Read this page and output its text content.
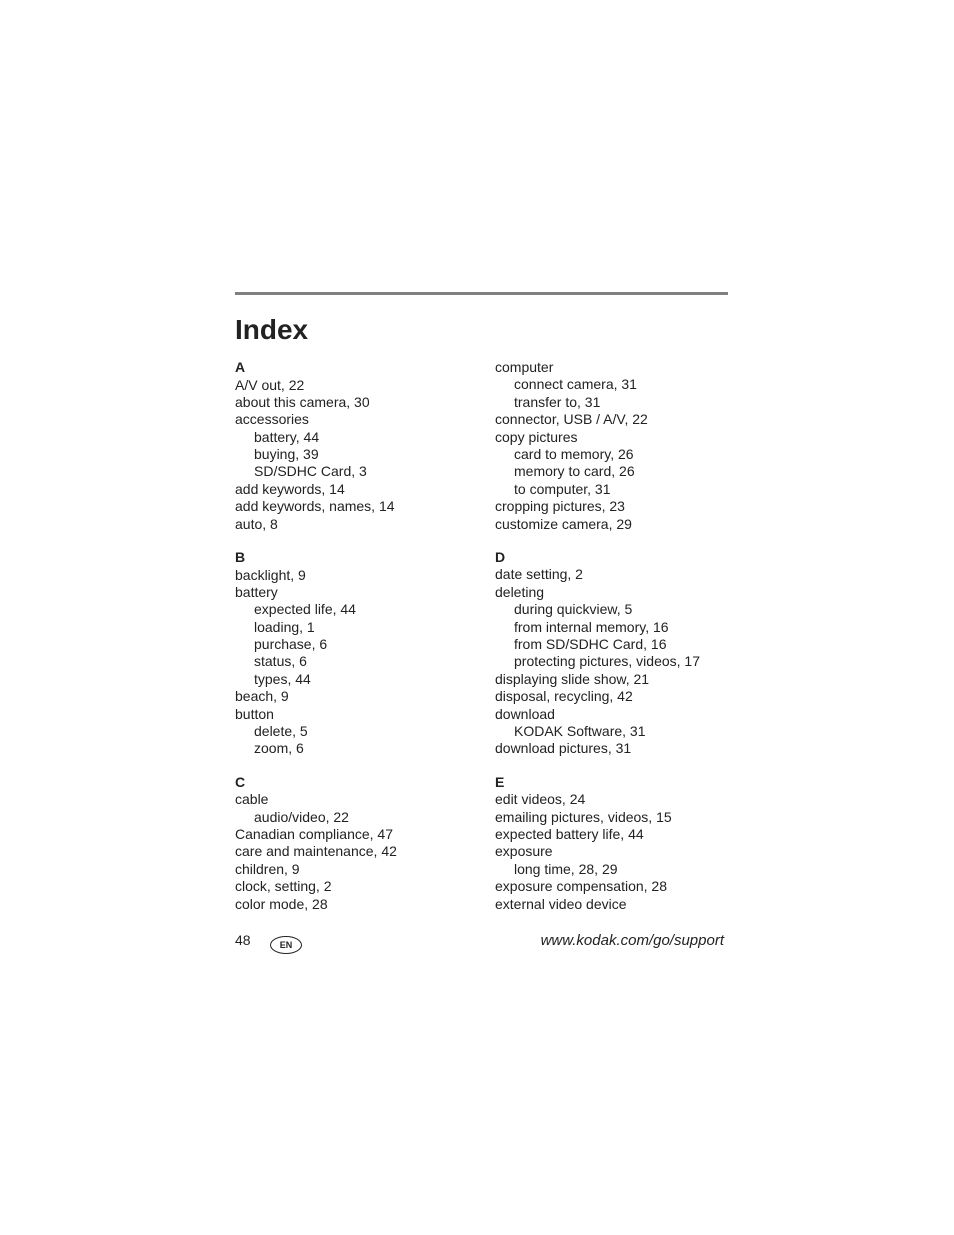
Index
A
A/V out, 22
about this camera, 30
accessories
battery, 44
buying, 39
SD/SDHC Card, 3
add keywords, 14
add keywords, names, 14
auto, 8
B
backlight, 9
battery
expected life, 44
loading, 1
purchase, 6
status, 6
types, 44
beach, 9
button
delete, 5
zoom, 6
C
cable
audio/video, 22
Canadian compliance, 47
care and maintenance, 42
children, 9
clock, setting, 2
color mode, 28
computer
connect camera, 31
transfer to, 31
connector, USB / A/V, 22
copy pictures
card to memory, 26
memory to card, 26
to computer, 31
cropping pictures, 23
customize camera, 29
D
date setting, 2
deleting
during quickview, 5
from internal memory, 16
from SD/SDHC Card, 16
protecting pictures, videos, 17
displaying slide show, 21
disposal, recycling, 42
download
KODAK Software, 31
download pictures, 31
E
edit videos, 24
emailing pictures, videos, 15
expected battery life, 44
exposure
long time, 28, 29
exposure compensation, 28
external video device
48	EN	www.kodak.com/go/support
